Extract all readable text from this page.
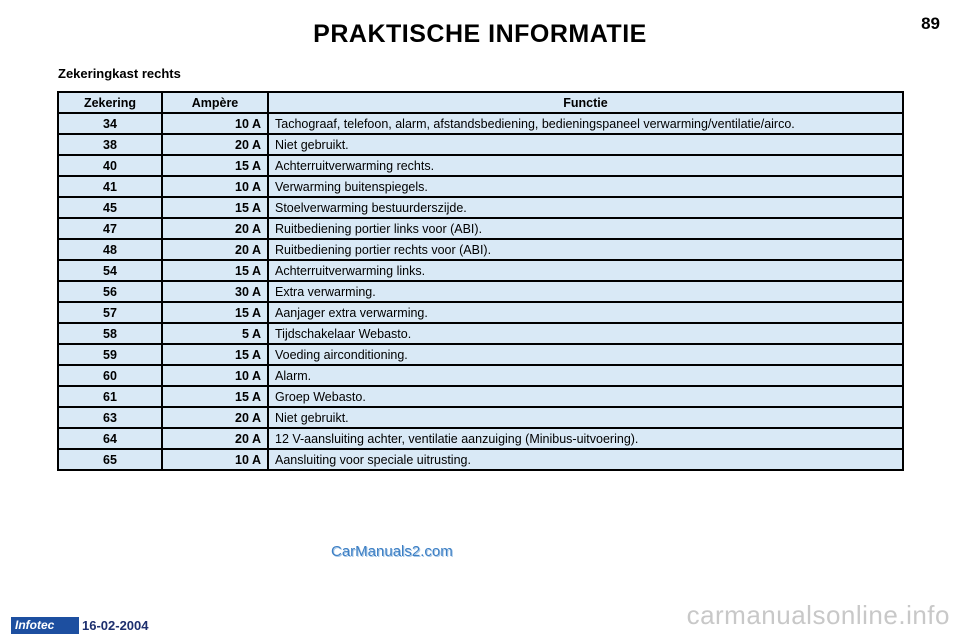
PRAKTISCHE INFORMATIE	89
Zekeringkast rechts
Zekering	Ampère	Functie
34	10 A	Tachograaf, telefoon, alarm, afstandsbediening, bedieningspaneel verwarming/ventilatie/airco.
38	20 A	Niet gebruikt.
40	15 A	Achterruitverwarming rechts.
41	10 A	Verwarming buitenspiegels.
45	15 A	Stoelverwarming bestuurderszijde.
47	20 A	Ruitbediening portier links voor (ABI).
48	20 A	Ruitbediening portier rechts voor (ABI).
54	15 A	Achterruitverwarming links.
56	30 A	Extra verwarming.
57	15 A	Aanjager extra verwarming.
58	5 A	Tijdschakelaar Webasto.
59	15 A	Voeding airconditioning.
60	10 A	Alarm.
61	15 A	Groep Webasto.
63	20 A	Niet gebruikt.
64	20 A	12 V-aansluiting achter, ventilatie aanzuiging (Minibus-uitvoering).
65	10 A	Aansluiting voor speciale uitrusting.
CarManuals2.com
Infotec	16-02-2004	carmanualsonline.info
